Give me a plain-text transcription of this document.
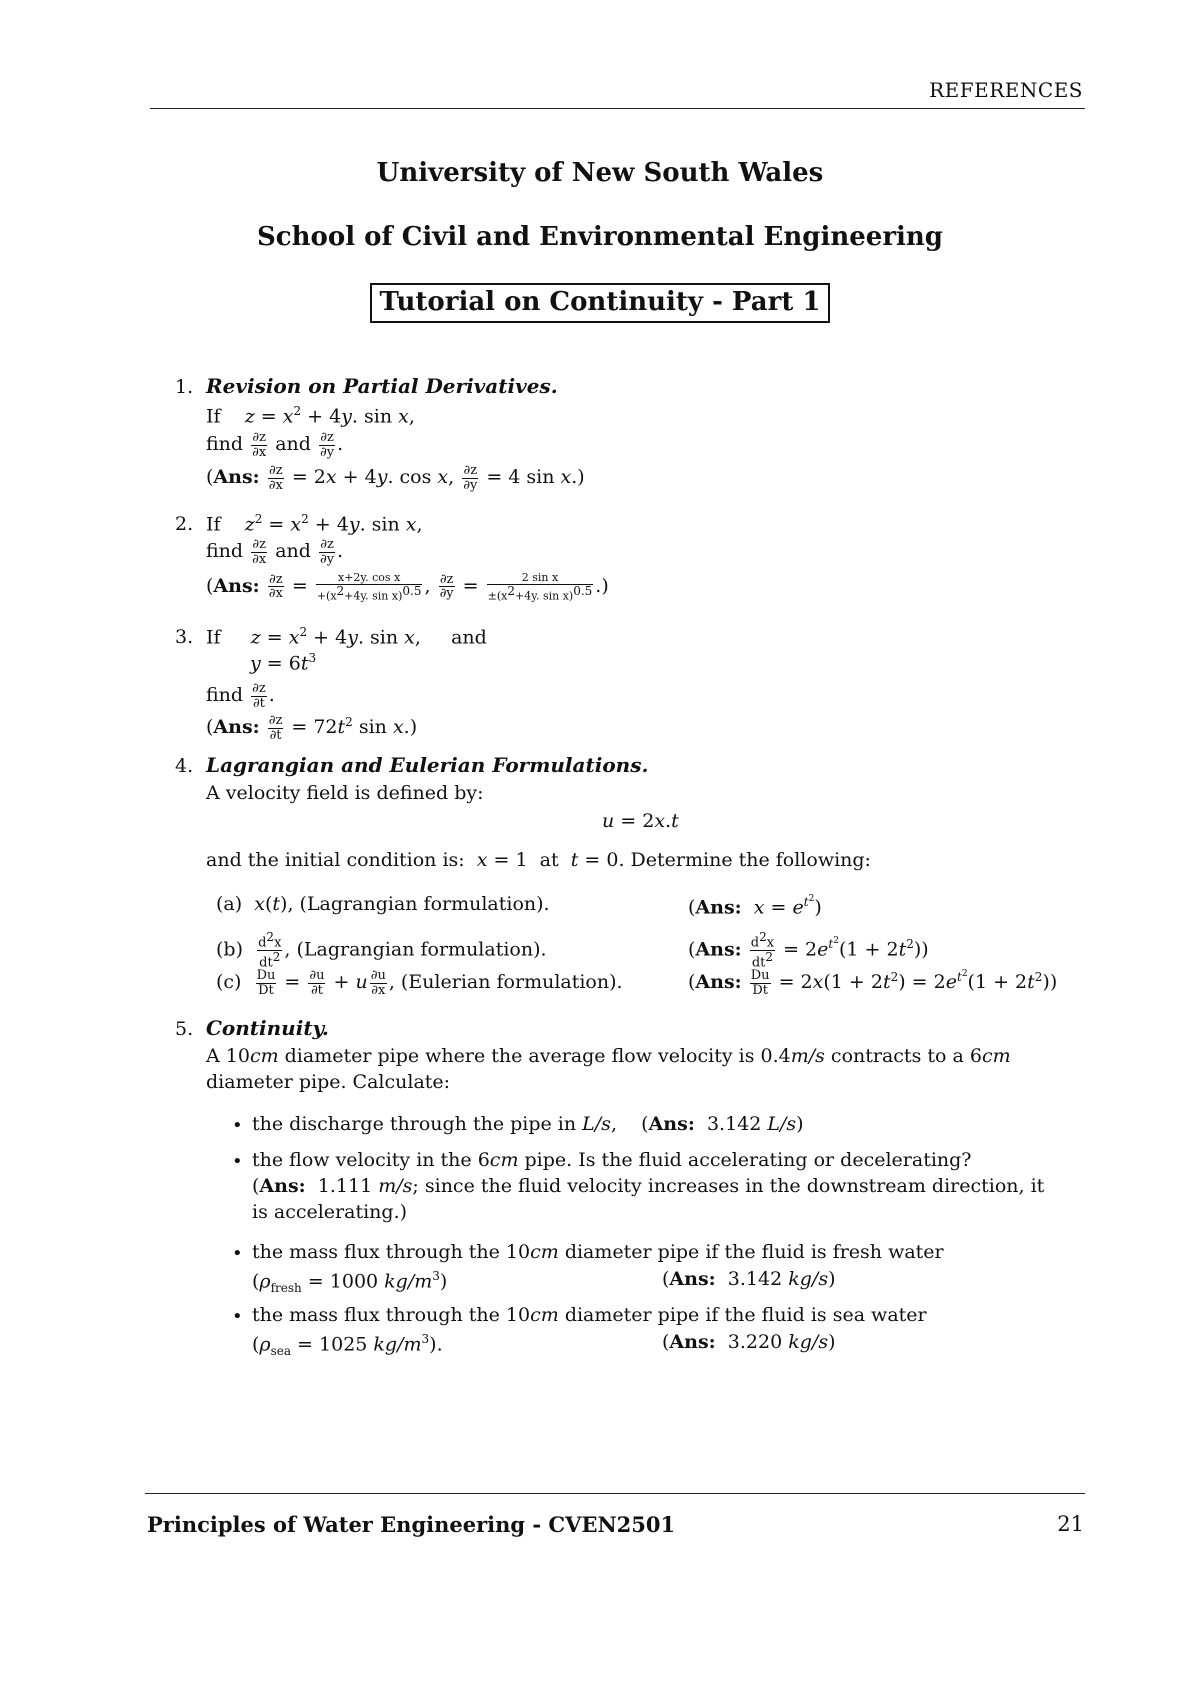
REFERENCES
University of New South Wales
School of Civil and Environmental Engineering
Tutorial on Continuity - Part 1
1. Revision on Partial Derivatives.
If $z = x^2 + 4y$. sin x,
find $\frac{\partial z}{\partial x}$ and $\frac{\partial z}{\partial y}$ .
(Ans: $\frac{\partial z}{\partial x} = 2x + 4y$. cos x, $\frac{\partial z}{\partial y} = 4$ sin x.)
2. If $z^2 = x^2 + 4y$. sin x,
find $\frac{\partial z}{\partial x}$ and $\frac{\partial z}{\partial y}$ .
(Ans: $\frac{\partial z}{\partial x} = \frac{\text{x+2y. cos x}}{+(x^2+4y. \sin x)^{0.5}}$ , $\frac{\partial z}{\partial y} = \frac{\text{2 sin x}}{\pm(x^2+4y. \sin x)^{0.5}}$ .)
3. If $z = x^2 + 4y$. sin x,     and
$y = 6t^3$
find $\frac{\partial z}{\partial t}$ .
(Ans: $\frac{\partial z}{\partial t} = 72t^2$ sin x.)
4. Lagrangian and Eulerian Formulations.
A velocity field is defined by:
u = 2x.t
and the initial condition is: x = 1  at t = 0. Determine the following:
(a) x(t), (Lagrangian formulation).	(Ans: $x = e^{t^2}$)
$(b) \frac{d^2x}{dt^2}$ , (Lagrangian formulation).	(Ans: $\frac{d^2x}{dt^2} = 2e^{t^2}(1 + 2t^2)$)
$(c) \frac{Du}{Dt} = \frac{\partial u}{\partial t} + u \frac{\partial u}{\partial x}$ , (Eulerian formulation).	(Ans: $\frac{Du}{Dt} = 2x(1 + 2t^2) = 2e^{t^2}(1 + 2t^2)$)
5. Continuity.
A 10cm diameter pipe where the average flow velocity is 0.4m/s contracts to a 6cm
diameter pipe. Calculate:
• the discharge through the pipe in L/s,    (Ans: 3.142 L/s)
• the flow velocity in the 6cm pipe. Is the fluid accelerating or decelerating?
(Ans: 1.111 m/s; since the fluid velocity increases in the downstream direction, it
is accelerating.)
• the mass flux through the 10cm diameter pipe if the fluid is fresh water
($\rho_{fresh} = 1000$ $kg/m^3$)	(Ans: 3.142 kg/s)
• the mass flux through the 10cm diameter pipe if the fluid is sea water
($\rho_{sea} = 1025$ $kg/m^3$).	(Ans: 3.220 kg/s)
Principles of Water Engineering - CVEN2501	21
